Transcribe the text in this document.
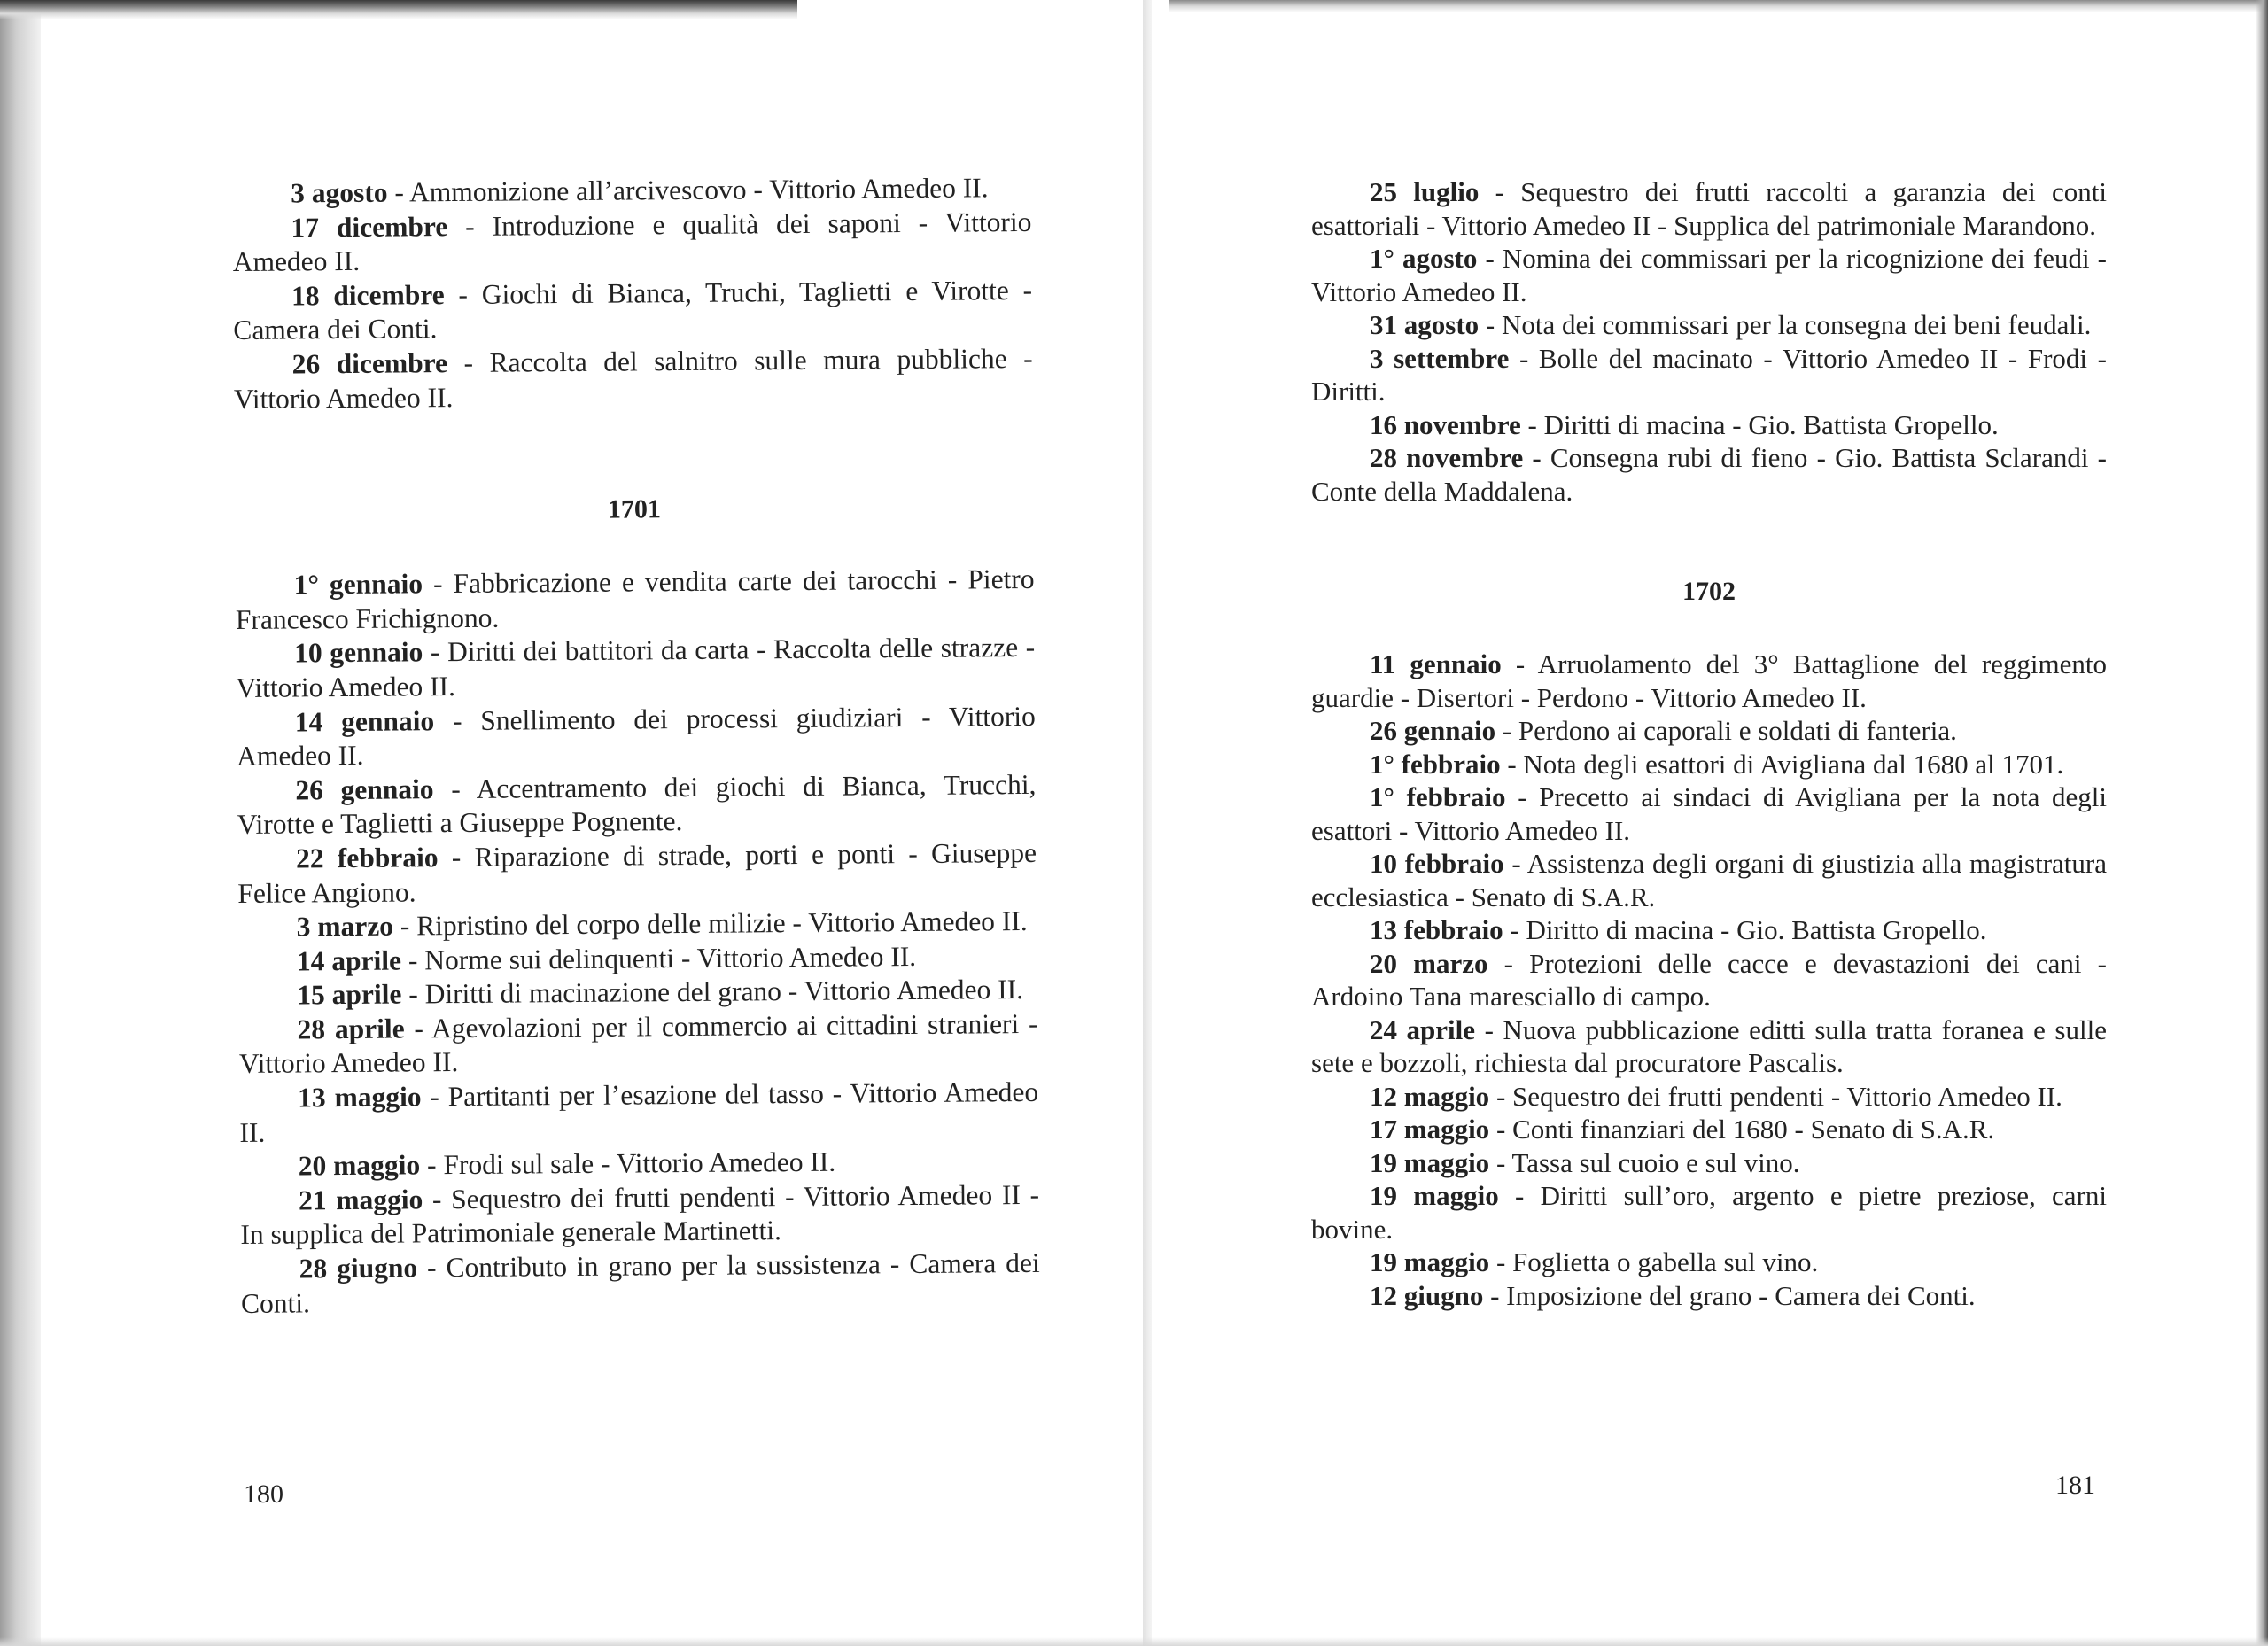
3 agosto - Ammonizione all’arcivescovo - Vittorio Amedeo II.

17 dicembre - Introduzione e qualità dei saponi - Vittorio Amedeo II.

18 dicembre - Giochi di Bianca, Truchi, Taglietti e Virotte - Camera dei Conti.

26 dicembre - Raccolta del salnitro sulle mura pubbliche - Vittorio Amedeo II.

1701

1° gennaio - Fabbricazione e vendita carte dei tarocchi - Pietro Francesco Frichignono.

10 gennaio - Diritti dei battitori da carta - Raccolta delle strazze - Vittorio Amedeo II.

14 gennaio - Snellimento dei processi giudiziari - Vittorio Amedeo II.

26 gennaio - Accentramento dei giochi di Bianca, Trucchi, Virotte e Taglietti a Giuseppe Pognente.

22 febbraio - Riparazione di strade, porti e ponti - Giuseppe Felice Angiono.

3 marzo - Ripristino del corpo delle milizie - Vittorio Amedeo II.

14 aprile - Norme sui delinquenti - Vittorio Amedeo II.

15 aprile - Diritti di macinazione del grano - Vittorio Amedeo II.

28 aprile - Agevolazioni per il commercio ai cittadini stranieri - Vittorio Amedeo II.

13 maggio - Partitanti per l’esazione del tasso - Vittorio Amedeo II.

20 maggio - Frodi sul sale - Vittorio Amedeo II.

21 maggio - Sequestro dei frutti pendenti - Vittorio Amedeo II - In supplica del Patrimoniale generale Martinetti.

28 giugno - Contributo in grano per la sussistenza - Camera dei Conti.

180

25 luglio - Sequestro dei frutti raccolti a garanzia dei conti esattoriali - Vittorio Amedeo II - Supplica del patrimoniale Marandono.

1° agosto - Nomina dei commissari per la ricognizione dei feudi - Vittorio Amedeo II.

31 agosto - Nota dei commissari per la consegna dei beni feudali.

3 settembre - Bolle del macinato - Vittorio Amedeo II - Frodi - Diritti.

16 novembre - Diritti di macina - Gio. Battista Gropello.

28 novembre - Consegna rubi di fieno - Gio. Battista Sclarandi - Conte della Maddalena.

1702

11 gennaio - Arruolamento del 3° Battaglione del reggimento guardie - Disertori - Perdono - Vittorio Amedeo II.

26 gennaio - Perdono ai caporali e soldati di fanteria.

1° febbraio - Nota degli esattori di Avigliana dal 1680 al 1701.

1° febbraio - Precetto ai sindaci di Avigliana per la nota degli esattori - Vittorio Amedeo II.

10 febbraio - Assistenza degli organi di giustizia alla magistratura ecclesiastica - Senato di S.A.R.

13 febbraio - Diritto di macina - Gio. Battista Gropello.

20 marzo - Protezioni delle cacce e devastazioni dei cani - Ardoino Tana maresciallo di campo.

24 aprile - Nuova pubblicazione editti sulla tratta foranea e sulle sete e bozzoli, richiesta dal procuratore Pascalis.

12 maggio - Sequestro dei frutti pendenti - Vittorio Amedeo II.

17 maggio - Conti finanziari del 1680 - Senato di S.A.R.

19 maggio - Tassa sul cuoio e sul vino.

19 maggio - Diritti sull’oro, argento e pietre preziose, carni bovine.

19 maggio - Foglietta o gabella sul vino.

12 giugno - Imposizione del grano - Camera dei Conti.

181
